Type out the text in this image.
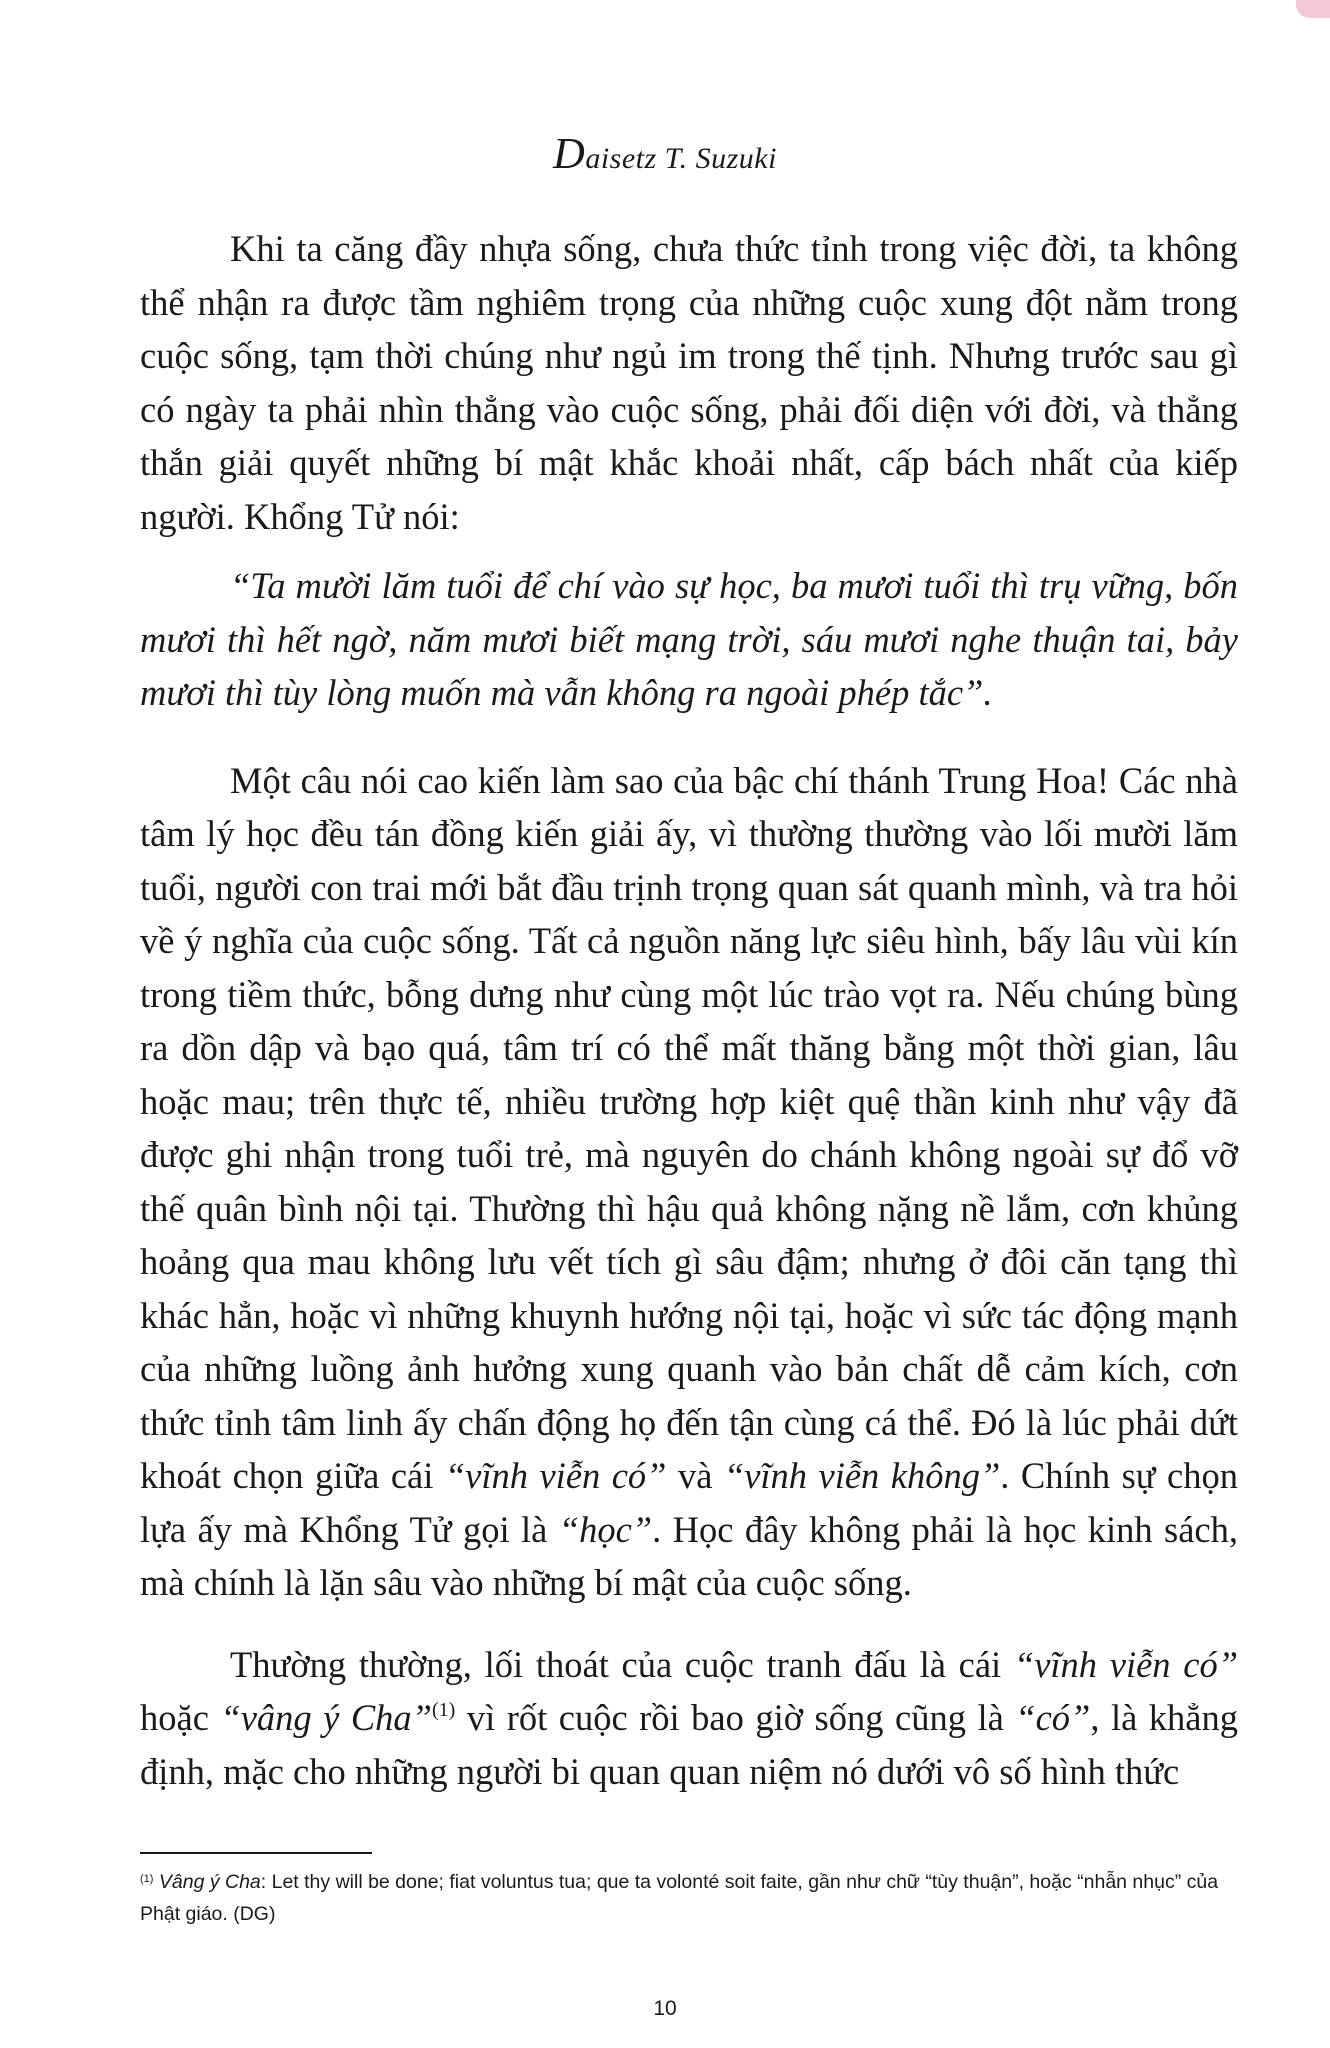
Daisetz T. Suzuki

Khi ta căng đầy nhựa sống, chưa thức tỉnh trong việc đời, ta không thể nhận ra được tầm nghiêm trọng của những cuộc xung đột nằm trong cuộc sống, tạm thời chúng như ngủ im trong thế tịnh. Nhưng trước sau gì có ngày ta phải nhìn thẳng vào cuộc sống, phải đối diện với đời, và thẳng thắn giải quyết những bí mật khắc khoải nhất, cấp bách nhất của kiếp người. Khổng Tử nói:

“Ta mười lăm tuổi để chí vào sự học, ba mươi tuổi thì trụ vững, bốn mươi thì hết ngờ, năm mươi biết mạng trời, sáu mươi nghe thuận tai, bảy mươi thì tùy lòng muốn mà vẫn không ra ngoài phép tắc”.

Một câu nói cao kiến làm sao của bậc chí thánh Trung Hoa! Các nhà tâm lý học đều tán đồng kiến giải ấy, vì thường thường vào lối mười lăm tuổi, người con trai mới bắt đầu trịnh trọng quan sát quanh mình, và tra hỏi về ý nghĩa của cuộc sống. Tất cả nguồn năng lực siêu hình, bấy lâu vùi kín trong tiềm thức, bỗng dưng như cùng một lúc trào vọt ra. Nếu chúng bùng ra dồn dập và bạo quá, tâm trí có thể mất thăng bằng một thời gian, lâu hoặc mau; trên thực tế, nhiều trường hợp kiệt quệ thần kinh như vậy đã được ghi nhận trong tuổi trẻ, mà nguyên do chánh không ngoài sự đổ vỡ thế quân bình nội tại. Thường thì hậu quả không nặng nề lắm, cơn khủng hoảng qua mau không lưu vết tích gì sâu đậm; nhưng ở đôi căn tạng thì khác hẳn, hoặc vì những khuynh hướng nội tại, hoặc vì sức tác động mạnh của những luồng ảnh hưởng xung quanh vào bản chất dễ cảm kích, cơn thức tỉnh tâm linh ấy chấn động họ đến tận cùng cá thể. Đó là lúc phải dứt khoát chọn giữa cái “vĩnh viễn có” và “vĩnh viễn không”. Chính sự chọn lựa ấy mà Khổng Tử gọi là “học”. Học đây không phải là học kinh sách, mà chính là lặn sâu vào những bí mật của cuộc sống.

Thường thường, lối thoát của cuộc tranh đấu là cái “vĩnh viễn có” hoặc “vâng ý Cha”$^{(1)}$ vì rốt cuộc rồi bao giờ sống cũng là “có”, là khẳng định, mặc cho những người bi quan quan niệm nó dưới vô số hình thức

$^{(1)}$ Vâng ý Cha: Let thy will be done; fiat voluntus tua; que ta volonté soit faite, gần như chữ “tùy thuận”, hoặc “nhẫn nhục” của Phật giáo. (DG)
10
